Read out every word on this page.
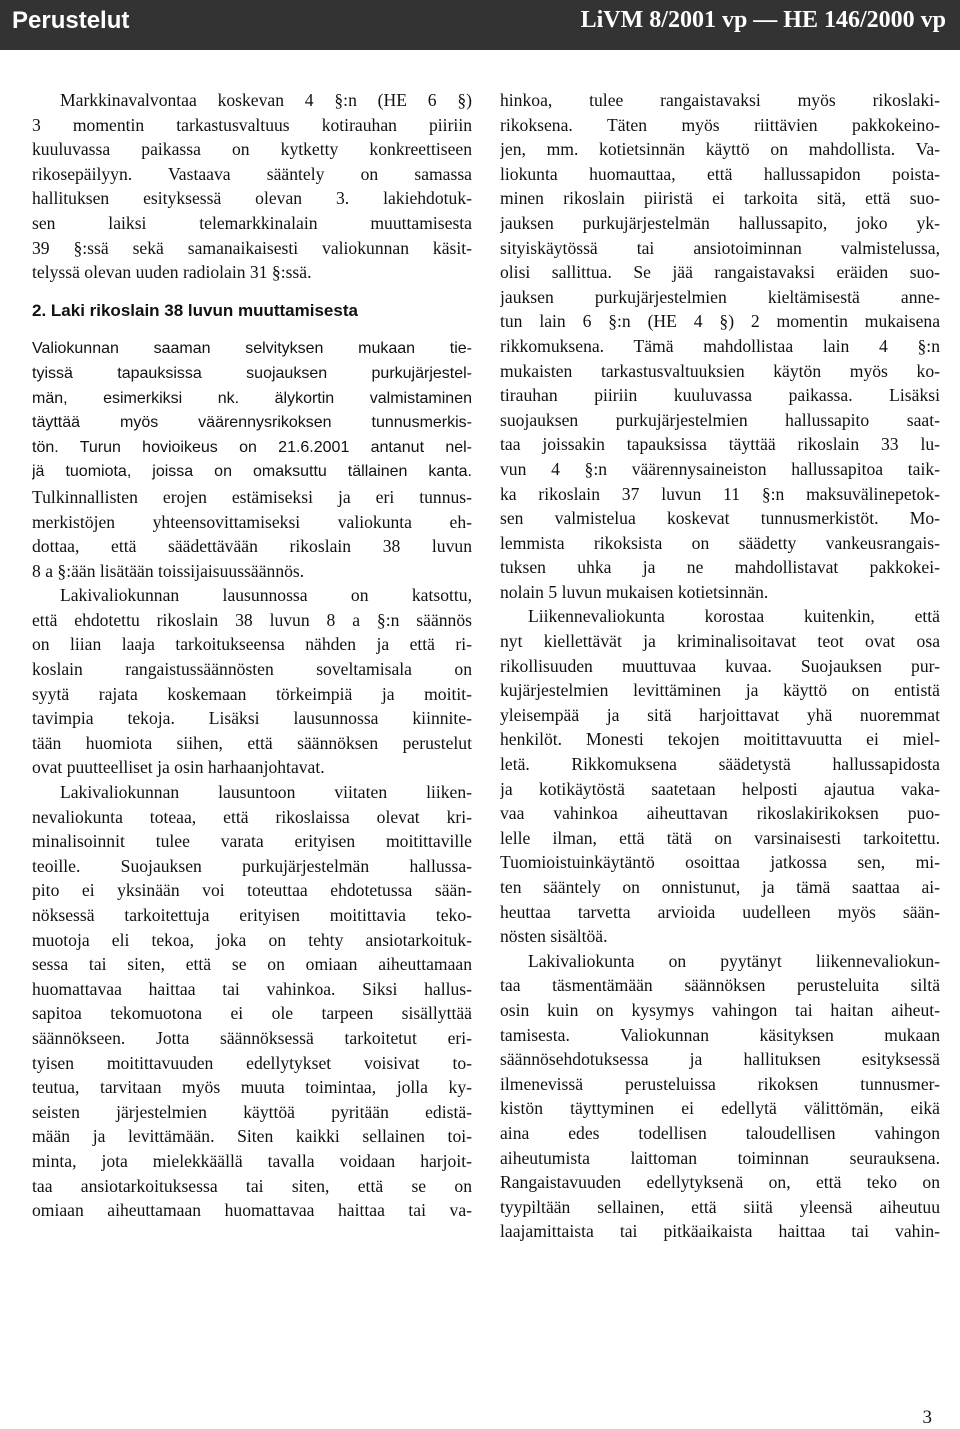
Perustelut	LiVM 8/2001 vp — HE 146/2000 vp
Markkinavalvontaa koskevan 4 §:n (HE 6 §)
3 momentin tarkastusvaltuus kotirauhan piiriin
kuuluvassa paikassa on kytketty konkreettiseen
rikosepäilyyn. Vastaava sääntely on samassa
hallituksen esityksessä olevan 3. lakiehdotuk-
sen laiksi telemarkkinalain muuttamisesta
39 §:ssä sekä samanaikaisesti valiokunnan käsit-
telyssä olevan uuden radiolain 31 §:ssä.
2. Laki rikoslain 38 luvun muuttamisesta
Valiokunnan saaman selvityksen mukaan tie-
tyissä tapauksissa suojauksen purkujärjestel-
män, esimerkiksi nk. älykortin valmistaminen
täyttää myös väärennysrikoksen tunnusmerkis-
tön. Turun hovioikeus on 21.6.2001 antanut nel-
jä tuomiota, joissa on omaksuttu tällainen kanta.
Tulkinnallisten erojen estämiseksi ja eri tunnus-
merkistöjen yhteensovittamiseksi valiokunta eh-
dottaa, että säädettävään rikoslain 38 luvun
8 a §:ään lisätään toissijaisuussäännös.
Lakivaliokunnan lausunnossa on katsottu,
että ehdotettu rikoslain 38 luvun 8 a §:n säännös
on liian laaja tarkoitukseensa nähden ja että ri-
koslain rangaistussäännösten soveltamisala on
syytä rajata koskemaan törkeimpiä ja moitit-
tavimpia tekoja. Lisäksi lausunnossa kiinnite-
tään huomiota siihen, että säännöksen perustelut
ovat puutteelliset ja osin harhaanjohtavat.
Lakivaliokunnan lausuntoon viitaten liiken-
nevaliokunta toteaa, että rikoslaissa olevat kri-
minalisoinnit tulee varata erityisen moitittaville
teoille. Suojauksen purkujärjestelmän hallussa-
pito ei yksinään voi toteuttaa ehdotetussa sään-
nöksessä tarkoitettuja erityisen moitittavia teko-
muotoja eli tekoa, joka on tehty ansiotarkoituk-
sessa tai siten, että se on omiaan aiheuttamaan
huomattavaa haittaa tai vahinkoa. Siksi hallus-
sapitoa tekomuotona ei ole tarpeen sisällyttää
säännökseen. Jotta säännöksessä tarkoitetut eri-
tyisen moitittavuuden edellytykset voisivat to-
teutua, tarvitaan myös muuta toimintaa, jolla ky-
seisten järjestelmien käyttöä pyritään edistä-
mään ja levittämään. Siten kaikki sellainen toi-
minta, jota mielekkäällä tavalla voidaan harjoit-
taa ansiotarkoituksessa tai siten, että se on
omiaan aiheuttamaan huomattavaa haittaa tai va-
hinkoa, tulee rangaistavaksi myös rikoslaki-
rikoksena. Täten myös riittävien pakkokeino-
jen, mm. kotietsinnän käyttö on mahdollista. Va-
liokunta huomauttaa, että hallussapidon poista-
minen rikoslain piiristä ei tarkoita sitä, että suo-
jauksen purkujärjestelmän hallussapito, joko yk-
sityiskäytössä tai ansiotoiminnan valmistelussa,
olisi sallittua. Se jää rangaistavaksi eräiden suo-
jauksen purkujärjestelmien kieltämisestä anne-
tun lain 6 §:n (HE 4 §) 2 momentin mukaisena
rikkomuksena. Tämä mahdollistaa lain 4 §:n
mukaisten tarkastusvaltuuksien käytön myös ko-
tirauhan piiriin kuuluvassa paikassa. Lisäksi
suojauksen purkujärjestelmien hallussapito saat-
taa joissakin tapauksissa täyttää rikoslain 33 lu-
vun 4 §:n väärennysaineiston hallussapitoa taik-
ka rikoslain 37 luvun 11 §:n maksuvälinepetok-
sen valmistelua koskevat tunnusmerkistöt. Mo-
lemmista rikoksista on säädetty vankeusrangais-
tuksen uhka ja ne mahdollistavat pakkokei-
nolain 5 luvun mukaisen kotietsinnän.
Liikennevaliokunta korostaa kuitenkin, että
nyt kiellettävät ja kriminalisoitavat teot ovat osa
rikollisuuden muuttuvaa kuvaa. Suojauksen pur-
kujärjestelmien levittäminen ja käyttö on entistä
yleisempää ja sitä harjoittavat yhä nuoremmat
henkilöt. Monesti tekojen moitittavuutta ei miel-
letä. Rikkomuksena säädetystä hallussapidosta
ja kotikäytöstä saatetaan helposti ajautua vaka-
vaa vahinkoa aiheuttavan rikoslakirikoksen puo-
lelle ilman, että tätä on varsinaisesti tarkoitettu.
Tuomioistuinkäytäntö osoittaa jatkossa sen, mi-
ten sääntely on onnistunut, ja tämä saattaa ai-
heuttaa tarvetta arvioida uudelleen myös sään-
nösten sisältöä.
Lakivaliokunta on pyytänyt liikennevaliokun-
taa täsmentämään säännöksen perusteluita siltä
osin kuin on kysymys vahingon tai haitan aiheut-
tamisesta. Valiokunnan käsityksen mukaan
säännösehdotuksessa ja hallituksen esityksessä
ilmenevissä perusteluissa rikoksen tunnusmer-
kistön täyttyminen ei edellytä välittömän, eikä
aina edes todellisen taloudellisen vahingon
aiheutumista laittoman toiminnan seurauksena.
Rangaistavuuden edellytyksenä on, että teko on
tyypiltään sellainen, että siitä yleensä aiheutuu
laajamittaista tai pitkäaikaista haittaa tai vahin-
3
